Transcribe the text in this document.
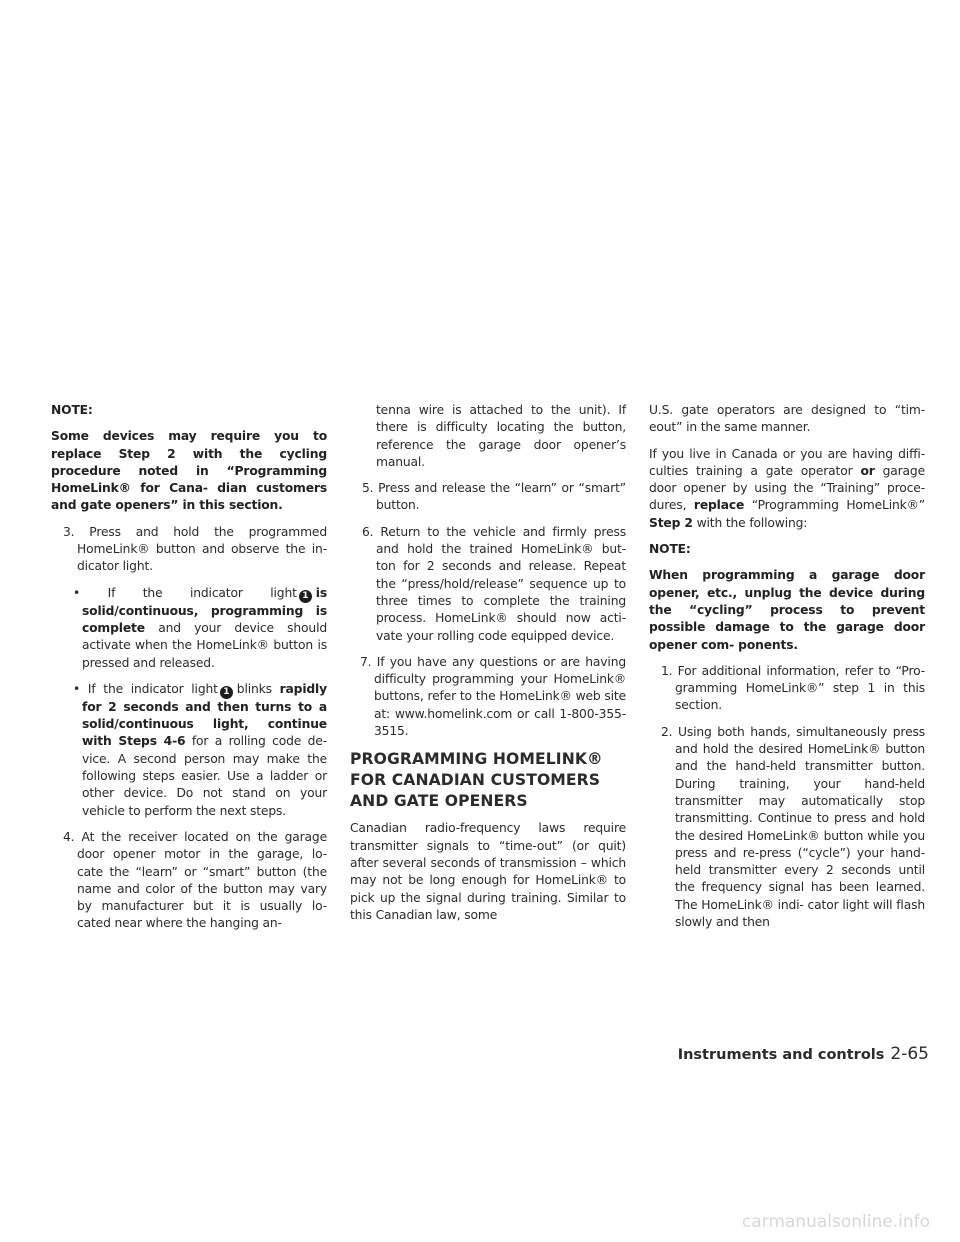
NOTE:

Some devices may require you to replace Step 2 with the cycling procedure noted in “Programming HomeLink® for Cana- dian customers and gate openers” in this section.

3. Press and hold the programmed HomeLink® button and observe the in- dicator light.

• If the indicator light 1 is solid/continuous, programming is complete and your device should activate when the HomeLink® button is pressed and released.

• If the indicator light 1 blinks rapidly for 2 seconds and then turns to a solid/continuous light, continue with Steps 4-6 for a rolling code de- vice. A second person may make the following steps easier. Use a ladder or other device. Do not stand on your vehicle to perform the next steps.

4. At the receiver located on the garage door opener motor in the garage, lo- cate the “learn” or “smart” button (the name and color of the button may vary by manufacturer but it is usually lo- cated near where the hanging an-

tenna wire is attached to the unit). If there is difficulty locating the button, reference the garage door opener’s manual.

5. Press and release the “learn” or “smart” button.

6. Return to the vehicle and firmly press and hold the trained HomeLink® but- ton for 2 seconds and release. Repeat the “press/hold/release” sequence up to three times to complete the training process. HomeLink® should now acti- vate your rolling code equipped device.

7. If you have any questions or are having difficulty programming your HomeLink® buttons, refer to the HomeLink® web site at: www.homelink.com or call 1-800-355- 3515.

PROGRAMMING HOMELINK® FOR CANADIAN CUSTOMERS AND GATE OPENERS

Canadian radio-frequency laws require transmitter signals to “time-out” (or quit) after several seconds of transmission – which may not be long enough for HomeLink® to pick up the signal during training. Similar to this Canadian law, some

U.S. gate operators are designed to “tim- eout” in the same manner.

If you live in Canada or you are having diffi- culties training a gate operator or garage door opener by using the “Training” proce- dures, replace “Programming HomeLink®” Step 2 with the following:

NOTE:

When programming a garage door opener, etc., unplug the device during the “cycling” process to prevent possible damage to the garage door opener com- ponents.

1. For additional information, refer to “Pro- gramming HomeLink®” step 1 in this section.

2. Using both hands, simultaneously press and hold the desired HomeLink® button and the hand-held transmitter button. During training, your hand-held transmitter may automatically stop transmitting. Continue to press and hold the desired HomeLink® button while you press and re-press (“cycle”) your hand-held transmitter every 2 seconds until the frequency signal has been learned. The HomeLink® indi- cator light will flash slowly and then

Instruments and controls 2-65
carmanualsonline.info
